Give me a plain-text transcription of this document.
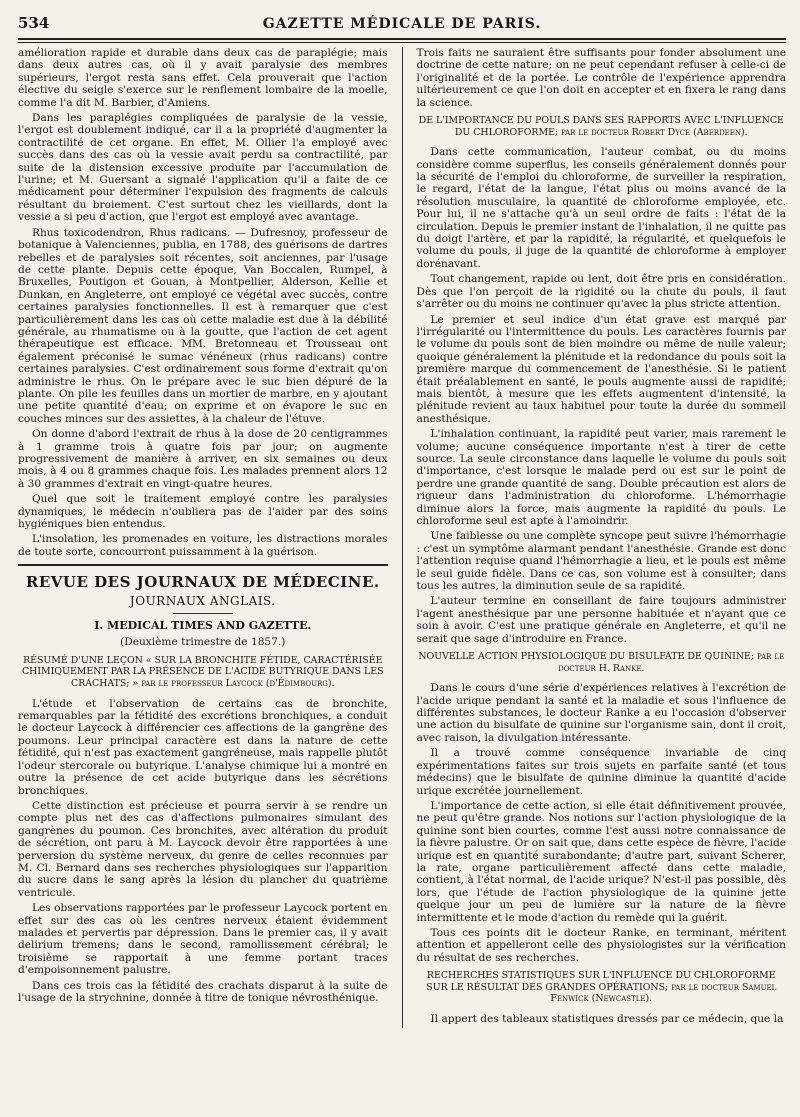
534	GAZETTE MÉDICALE DE PARIS.

amélioration rapide et durable dans deux cas de paraplégie; mais dans deux autres cas, où il y avait paralysie des membres supérieurs, l'ergot resta sans effet. Cela prouverait que l'action élective du seigle s'exerce sur le renflement lombaire de la moelle, comme l'a dit M. Barbier, d'Amiens.

Dans les paraplégies compliquées de paralysie de la vessie, l'ergot est doublement indiqué, car il a la propriété d'augmenter la contractilité de cet organe. En effet, M. Ollier l'a employé avec succès dans des cas où la vessie avait perdu sa contractilité, par suite de la distension excessive produite par l'accumulation de l'urine; et M. Guersant a signalé l'application qu'il a faite de ce médicament pour déterminer l'expulsion des fragments de calculs résultant du broiement. C'est surtout chez les vieillards, dont la vessie a si peu d'action, que l'ergot est employé avec avantage.

Rhus toxicodendron, Rhus radicans. — Dufresnoy, professeur de botanique à Valenciennes, publia, en 1788, des guérisons de dartres rebelles et de paralysies soit récentes, soit anciennes, par l'usage de cette plante. Depuis cette époque, Van Boccalen, Rumpel, à Bruxelles, Poutigon et Gouan, à Montpellier, Alderson, Kellie et Dunkan, en Angleterre, ont employé ce végétal avec succès, contre certaines paralysies fonctionnelles. Il est à remarquer que c'est particulièrement dans les cas où cette maladie est due à la débilité générale, au rhumatisme ou à la goutte, que l'action de cet agent thérapeutique est efficace. MM. Bretonneau et Trousseau ont également préconisé le sumac vénéneux (rhus radicans) contre certaines paralysies. C'est ordinairement sous forme d'extrait qu'on administre le rhus. On le prépare avec le suc bien dépuré de la plante. On pile les feuilles dans un mortier de marbre, en y ajoutant une petite quantité d'eau; on exprime et on évapore le suc en couches minces sur des assiettes, à la chaleur de l'étuve.

On donne d'abord l'extrait de rhus à la dose de 20 centigrammes à 1 gramme trois à quatre fois par jour; on augmente progressivement de manière à arriver, en six semaines ou deux mois, à 4 ou 8 grammes chaque fois. Les malades prennent alors 12 à 30 grammes d'extrait en vingt-quatre heures.

Quel que soit le traitement employé contre les paralysies dynamiques, le médecin n'oubliera pas de l'aider par des soins hygiéniques bien entendus.

L'insolation, les promenades en voiture, les distractions morales de toute sorte, concourront puissamment à la guérison.

REVUE DES JOURNAUX DE MÉDECINE.
JOURNAUX ANGLAIS.
I. MEDICAL TIMES AND GAZETTE.
(Deuxième trimestre de 1857.)
RÉSUMÉ D'UNE LEÇON « SUR LA BRONCHITE FÉTIDE, CARACTÉRISÉE CHIMIQUEMENT PAR LA PRÉSENCE DE L'ACIDE BUTYRIQUE DANS LES CRACHATS; » par le professeur Laycock (d'Édimbourg).

L'étude et l'observation de certains cas de bronchite, remarquables par la fétidité des excrétions bronchiques, a conduit le docteur Laycock à différencier ces affections de la gangrène des poumons. Leur principal caractère est dans la nature de cette fétidité, qui n'est pas exactement gangréneuse, mais rappelle plutôt l'odeur stercorale ou butyrique. L'analyse chimique lui a montré en outre la présence de cet acide butyrique dans les sécrétions bronchiques.

Cette distinction est précieuse et pourra servir à se rendre un compte plus net des cas d'affections pulmonaires simulant des gangrènes du poumon. Ces bronchites, avec altération du produit de sécrétion, ont paru à M. Laycock devoir être rapportées à une perversion du système nerveux, du genre de celles reconnues par M. Cl. Bernard dans ses recherches physiologiques sur l'apparition du sucre dans le sang après la lésion du plancher du quatrième ventricule.

Les observations rapportées par le professeur Laycock portent en effet sur des cas où les centres nerveux étaient évidemment malades et pervertis par dépression. Dans le premier cas, il y avait delirium tremens; dans le second, ramollissement cérébral; le troisième se rapportait à une femme portant traces d'empoisonnement palustre.

Dans ces trois cas la fétidité des crachats disparut à la suite de l'usage de la strychnine, donnée à titre de tonique névrosthénique.

Trois faits ne sauraient être suffisants pour fonder absolument une doctrine de cette nature; on ne peut cependant refuser à celle-ci de l'originalité et de la portée. Le contrôle de l'expérience apprendra ultérieurement ce que l'on doit en accepter et en fixera le rang dans la science.

DE L'IMPORTANCE DU POULS DANS SES RAPPORTS AVEC L'INFLUENCE DU CHLOROFORME; par le docteur Robert Dyce (Aberdeen).

Dans cette communication, l'auteur combat, ou du moins considère comme superflus, les conseils généralement donnés pour la sécurité de l'emploi du chloroforme, de surveiller la respiration, le regard, l'état de la langue, l'état plus ou moins avancé de la résolution musculaire, la quantité de chloroforme employée, etc. Pour lui, il ne s'attache qu'à un seul ordre de faits : l'état de la circulation. Depuis le premier instant de l'inhalation, il ne quitte pas du doigt l'artère, et par la rapidité, la régularité, et quelquefois le volume du pouls, il juge de la quantité de chloroforme à employer dorénavant.

Tout changement, rapide ou lent, doit être pris en considération. Dès que l'on perçoit de la rigidité ou la chute du pouls, il faut s'arrêter ou du moins ne continuer qu'avec la plus stricte attention.

Le premier et seul indice d'un état grave est marqué par l'irrégularité ou l'intermittence du pouls. Les caractères fournis par le volume du pouls sont de bien moindre ou même de nulle valeur; quoique généralement la plénitude et la redondance du pouls soit la première marque du commencement de l'anesthésie. Si le patient était préalablement en santé, le pouls augmente aussi de rapidité; mais bientôt, à mesure que les effets augmentent d'intensité, la plénitude revient au taux habituel pour toute la durée du sommeil anesthésique.

L'inhalation continuant, la rapidité peut varier, mais rarement le volume; aucune conséquence importante n'est à tirer de cette source. La seule circonstance dans laquelle le volume du pouls soit d'importance, c'est lorsque le malade perd ou est sur le point de perdre une grande quantité de sang. Double précaution est alors de rigueur dans l'administration du chloroforme. L'hémorrhagie diminue alors la force, mais augmente la rapidité du pouls. Le chloroforme seul est apte à l'amoindrir.

Une faiblesse ou une complète syncope peut suivre l'hémorrhagie : c'est un symptôme alarmant pendant l'anesthésie. Grande est donc l'attention requise quand l'hémorrhagie a lieu, et le pouls est même le seul guide fidèle. Dans ce cas, son volume est à consulter; dans tous les autres, la diminution seule de sa rapidité.

L'auteur termine en conseillant de faire toujours administrer l'agent anesthésique par une personne habituée et n'ayant que ce soin à avoir. C'est une pratique générale en Angleterre, et qu'il ne serait que sage d'introduire en France.

NOUVELLE ACTION PHYSIOLOGIQUE DU BISULFATE DE QUININE; par le docteur H. Ranke.

Dans le cours d'une série d'expériences relatives à l'excrétion de l'acide urique pendant la santé et la maladie et sous l'influence de différentes substances, le docteur Ranke a eu l'occasion d'observer une action du bisulfate de quinine sur l'organisme sain, dont il croit, avec raison, la divulgation intéressante.

Il a trouvé comme conséquence invariable de cinq expérimentations faites sur trois sujets en parfaite santé (et tous médecins) que le bisulfate de quinine diminue la quantité d'acide urique excrétée journellement.

L'importance de cette action, si elle était définitivement prouvée, ne peut qu'être grande. Nos notions sur l'action physiologique de la quinine sont bien courtes, comme l'est aussi notre connaissance de la fièvre palustre. Or on sait que, dans cette espèce de fièvre, l'acide urique est en quantité surabondante; d'autre part, suivant Scherer, la rate, organe particulièrement affecté dans cette maladie, contient, à l'état normal, de l'acide urique? N'est-il pas possible, dès lors, que l'étude de l'action physiologique de la quinine jette quelque jour un peu de lumière sur la nature de la fièvre intermittente et le mode d'action du remède qui la guérit.

Tous ces points dit le docteur Ranke, en terminant, méritent attention et appelleront celle des physiologistes sur la vérification du résultat de ses recherches.

RECHERCHES STATISTIQUES SUR L'INFLUENCE DU CHLOROFORME SUR LE RÉSULTAT DES GRANDES OPÉRATIONS; par le docteur Samuel Fenwick (Newcastle).

Il appert des tableaux statistiques dressés par ce médecin, que la
